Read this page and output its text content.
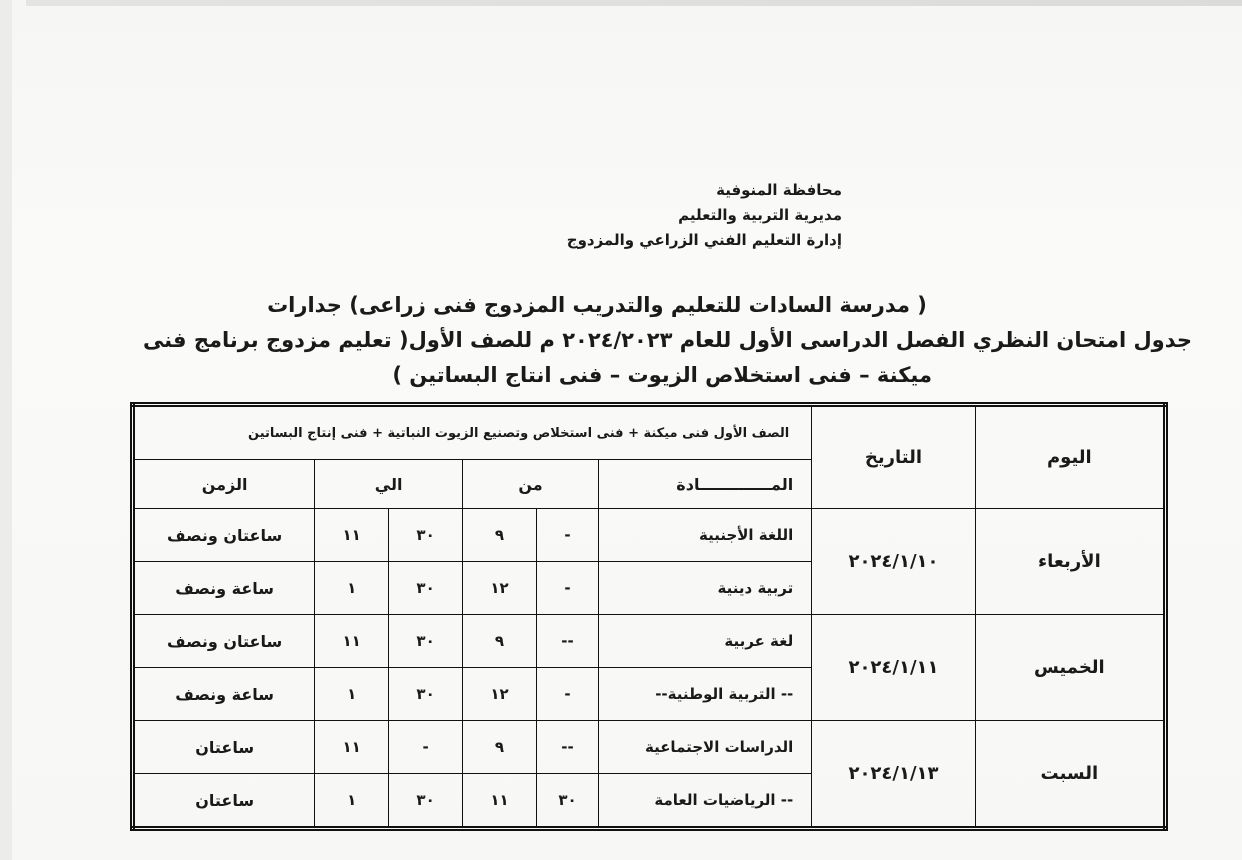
محافظة المنوفية
مديرية التربية والتعليم
إدارة التعليم الفني الزراعي والمزدوج
( مدرسة السادات للتعليم والتدريب المزدوج فنى زراعى) جدارات
جدول امتحان النظري الفصل الدراسى الأول للعام ٢٠٢٤/٢٠٢٣ م للصف الأول( تعليم مزدوج برنامج فنى
ميكنة – فنى استخلاص الزيوت – فنى انتاج البساتين )
اليوم	التاريخ	الصف الأول فنى ميكنة + فنى استخلاص وتصنيع الزيوت النباتية + فنى إنتاج البساتين					
		المـــــــــــــادة	من		الي		الزمن
الأربعاء	٢٠٢٤/١/١٠	اللغة الأجنبية	-	٩	٣٠	١١	ساعتان ونصف
		تربية دينية	-	١٢	٣٠	١	ساعة ونصف
الخميس	٢٠٢٤/١/١١	لغة عربية	--	٩	٣٠	١١	ساعتان ونصف
		-- التربية الوطنية--	-	١٢	٣٠	١	ساعة ونصف
السبت	٢٠٢٤/١/١٣	الدراسات الاجتماعية	--	٩	-	١١	ساعتان
		-- الرياضيات العامة	٣٠	١١	٣٠	١	ساعتان
